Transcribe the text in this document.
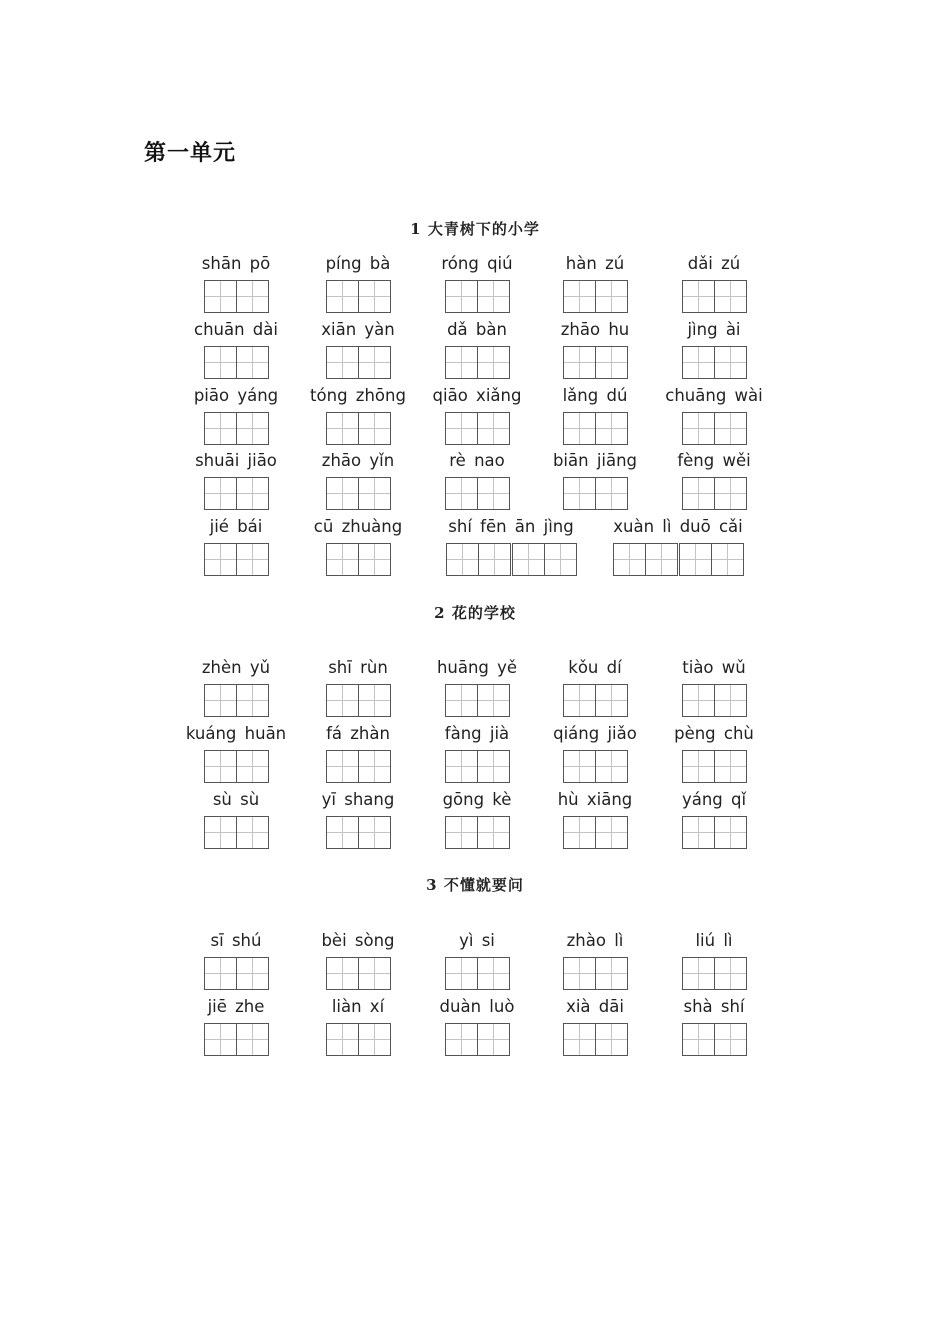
第一单元
1 大青树下的小学
shān pō	píng bà	róng qiú	hàn zú	dǎi zú
chuān dài	xiān yàn	dǎ bàn	zhāo hu	jìng ài
piāo yáng	tóng zhōng	qiāo xiǎng	lǎng dú	chuāng wài
shuāi jiāo	zhāo yǐn	rè nao	biān jiāng	fèng wěi
jié bái	cū zhuàng	shí fēn ān jìng	xuàn lì duō cǎi
2 花的学校
zhèn yǔ	shī rùn	huāng yě	kǒu dí	tiào wǔ
kuáng huān	fá zhàn	fàng jià	qiáng jiǎo	pèng chù
sù sù	yī shang	gōng kè	hù xiāng	yáng qǐ
3 不懂就要问
sī shú	bèi sòng	yì si	zhào lì	liú lì
jiē zhe	liàn xí	duàn luò	xià dāi	shà shí
